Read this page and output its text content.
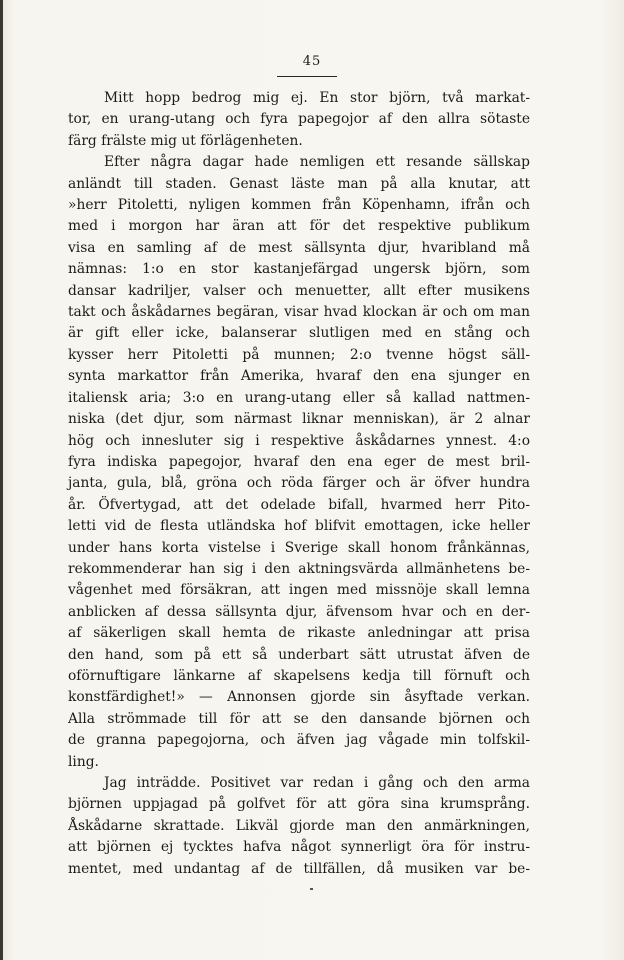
45
Mitt hopp bedrog mig ej. En stor björn, två markat-
tor, en urang-utang och fyra papegojor af den allra sötaste
färg frälste mig ut förlägenheten.
Efter några dagar hade nemligen ett resande sällskap
anländt till staden. Genast läste man på alla knutar, att
»herr Pitoletti, nyligen kommen från Köpenhamn, ifrån och
med i morgon har äran att för det respektive publikum
visa en samling af de mest sällsynta djur, hvaribland må
nämnas: 1:o en stor kastanjefärgad ungersk björn, som
dansar kadriljer, valser och menuetter, allt efter musikens
takt och åskådarnes begäran, visar hvad klockan är och om man
är gift eller icke, balanserar slutligen med en stång och
kysser herr Pitoletti på munnen; 2:o tvenne högst säll-
synta markattor från Amerika, hvaraf den ena sjunger en
italiensk aria; 3:o en urang-utang eller så kallad nattmen-
niska (det djur, som närmast liknar menniskan), är 2 alnar
hög och innesluter sig i respektive åskådarnes ynnest. 4:o
fyra indiska papegojor, hvaraf den ena eger de mest bril-
janta, gula, blå, gröna och röda färger och är öfver hundra
år. Öfvertygad, att det odelade bifall, hvarmed herr Pito-
letti vid de flesta utländska hof blifvit emottagen, icke heller
under hans korta vistelse i Sverige skall honom frånkännas,
rekommenderar han sig i den aktningsvärda allmänhetens be-
vågenhet med försäkran, att ingen med missnöje skall lemna
anblicken af dessa sällsynta djur, äfvensom hvar och en der-
af säkerligen skall hemta de rikaste anledningar att prisa
den hand, som på ett så underbart sätt utrustat äfven de
oförnuftigare länkarne af skapelsens kedja till förnuft och
konstfärdighet!» — Annonsen gjorde sin åsyftade verkan.
Alla strömmade till för att se den dansande björnen och
de granna papegojorna, och äfven jag vågade min tolfskil-
ling.
Jag inträdde. Positivet var redan i gång och den arma
björnen uppjagad på golfvet för att göra sina krumsprång.
Åskådarne skrattade. Likväl gjorde man den anmärkningen,
att björnen ej tycktes hafva något synnerligt öra för instru-
mentet, med undantag af de tillfällen, då musiken var be-
